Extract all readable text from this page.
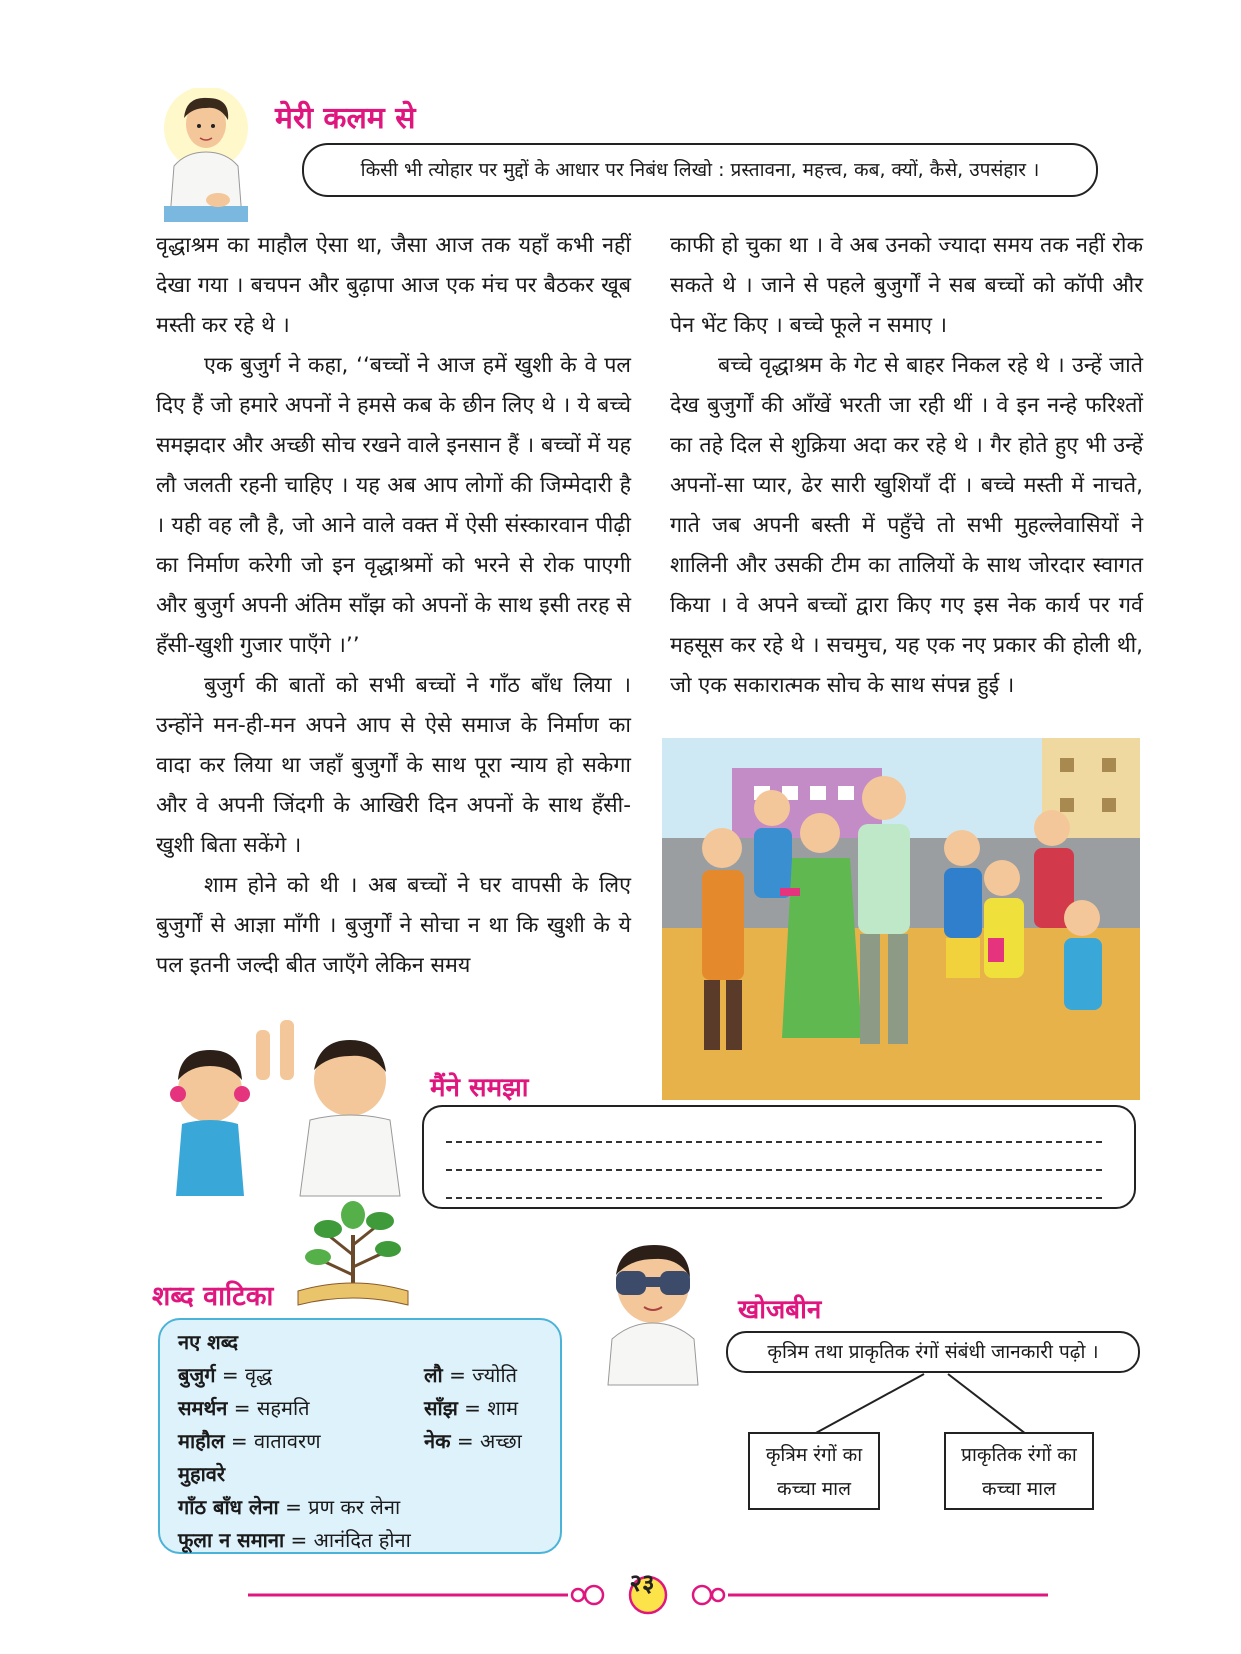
मेरी कलम से
किसी भी त्योहार पर मुद्दों के आधार पर निबंध लिखो : प्रस्तावना, महत्त्व, कब, क्यों, कैसे, उपसंहार ।

वृद्धाश्रम का माहौल ऐसा था, जैसा आज तक यहाँ कभी नहीं देखा गया । बचपन और बुढ़ापा आज एक मंच पर बैठकर खूब मस्ती कर रहे थे ।

एक बुजुर्ग ने कहा, ‘‘बच्चों ने आज हमें खुशी के वे पल दिए हैं जो हमारे अपनों ने हमसे कब के छीन लिए थे । ये बच्चे समझदार और अच्छी सोच रखने वाले इनसान हैं । बच्चों में यह लौ जलती रहनी चाहिए । यह अब आप लोगों की जिम्मेदारी है । यही वह लौ है, जो आने वाले वक्त में ऐसी संस्कारवान पीढ़ी का निर्माण करेगी जो इन वृद्धाश्रमों को भरने से रोक पाएगी और बुजुर्ग अपनी अंतिम साँझ को अपनों के साथ इसी तरह से हँसी-खुशी गुजार पाएँगे ।’’

बुजुर्ग की बातों को सभी बच्चों ने गाँठ बाँध लिया । उन्होंने मन-ही-मन अपने आप से ऐसे समाज के निर्माण का वादा कर लिया था जहाँ बुजुर्गों के साथ पूरा न्याय हो सकेगा और वे अपनी जिंदगी के आखिरी दिन अपनों के साथ हँसी-खुशी बिता सकेंगे ।

शाम होने को थी । अब बच्चों ने घर वापसी के लिए बुजुर्गों से आज्ञा माँगी । बुजुर्गों ने सोचा न था कि खुशी के ये पल इतनी जल्दी बीत जाएँगे लेकिन समय

काफी हो चुका था । वे अब उनको ज्यादा समय तक नहीं रोक सकते थे । जाने से पहले बुजुर्गों ने सब बच्चों को कॉपी और पेन भेंट किए । बच्चे फूले न समाए ।

बच्चे वृद्धाश्रम के गेट से बाहर निकल रहे थे । उन्हें जाते देख बुजुर्गों की आँखें भरती जा रही थीं । वे इन नन्हे फरिश्तों का तहे दिल से शुक्रिया अदा कर रहे थे । गैर होते हुए भी उन्हें अपनों-सा प्यार, ढेर सारी खुशियाँ दीं । बच्चे मस्ती में नाचते, गाते जब अपनी बस्ती में पहुँचे तो सभी मुहल्लेवासियों ने शालिनी और उसकी टीम का तालियों के साथ जोरदार स्वागत किया । वे अपने बच्चों द्वारा किए गए इस नेक कार्य पर गर्व महसूस कर रहे थे । सचमुच, यह एक नए प्रकार की होली थी, जो एक सकारात्मक सोच के साथ संपन्न हुई ।

मैंने समझा
शब्द वाटिका
नए शब्द
बुजुर्ग = वृद्ध	लौ = ज्योति
समर्थन = सहमति	साँझ = शाम
माहौल = वातावरण	नेक = अच्छा
मुहावरे
गाँठ बाँध लेना = प्रण कर लेना
फूला न समाना = आनंदित होना
खोजबीन
कृत्रिम तथा प्राकृतिक रंगों संबंधी जानकारी पढ़ो ।
कृत्रिम रंगों का
कच्चा माल
प्राकृतिक रंगों का
कच्चा माल
२३
